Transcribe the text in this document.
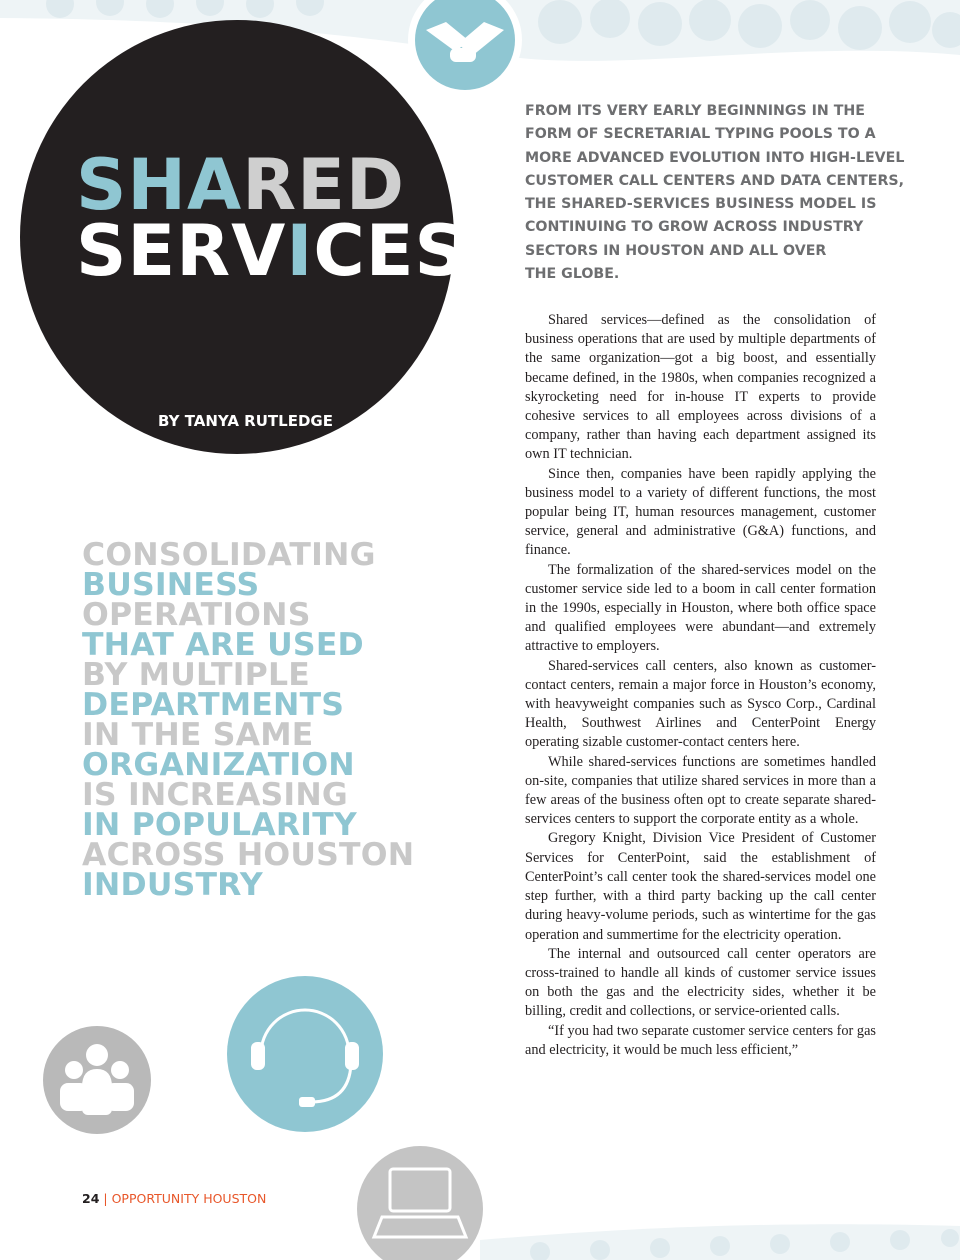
SHARED
SERVICES
BY TANYA RUTLEDGE
FROM ITS VERY EARLY BEGINNINGS IN THE
FORM OF SECRETARIAL TYPING POOLS TO A
MORE ADVANCED EVOLUTION INTO HIGH-LEVEL
CUSTOMER CALL CENTERS AND DATA CENTERS,
THE SHARED-SERVICES BUSINESS MODEL IS
CONTINUING TO GROW ACROSS INDUSTRY
SECTORS IN HOUSTON AND ALL OVER
THE GLOBE.

Shared services—defined as the consolidation of business operations that are used by multiple departments of the same organization—got a big boost, and essentially became defined, in the 1980s, when companies recognized a skyrocketing need for in-house IT experts to provide cohesive services to all employees across divisions of a company, rather than having each department assigned its own IT technician.

Since then, companies have been rapidly applying the business model to a variety of different functions, the most popular being IT, human resources management, customer service, general and administrative (G&A) functions, and finance.

The formalization of the shared-services model on the customer service side led to a boom in call center formation in the 1990s, especially in Houston, where both office space and qualified employees were abundant—and extremely attractive to employers.

Shared-services call centers, also known as customer-contact centers, remain a major force in Houston’s economy, with heavyweight companies such as Sysco Corp., Cardinal Health, Southwest Airlines and CenterPoint Energy operating sizable customer-contact centers here.

While shared-services functions are sometimes handled on-site, companies that utilize shared services in more than a few areas of the business often opt to create separate shared-services centers to support the corporate entity as a whole.

Gregory Knight, Division Vice President of Customer Services for CenterPoint, said the establishment of CenterPoint’s call center took the shared-services model one step further, with a third party backing up the call center during heavy-volume periods, such as wintertime for the gas operation and summertime for the electricity operation.

The internal and outsourced call center operators are cross-trained to handle all kinds of customer service issues on both the gas and the electricity sides, whether it be billing, credit and collections, or service-oriented calls.

“If you had two separate customer service centers for gas and electricity, it would be much less efficient,”

CONSOLIDATING
BUSINESS
OPERATIONS
THAT ARE USED
BY MULTIPLE
DEPARTMENTS
IN THE SAME
ORGANIZATION
IS INCREASING
IN POPULARITY
ACROSS HOUSTON
INDUSTRY
24 | OPPORTUNITY HOUSTON
